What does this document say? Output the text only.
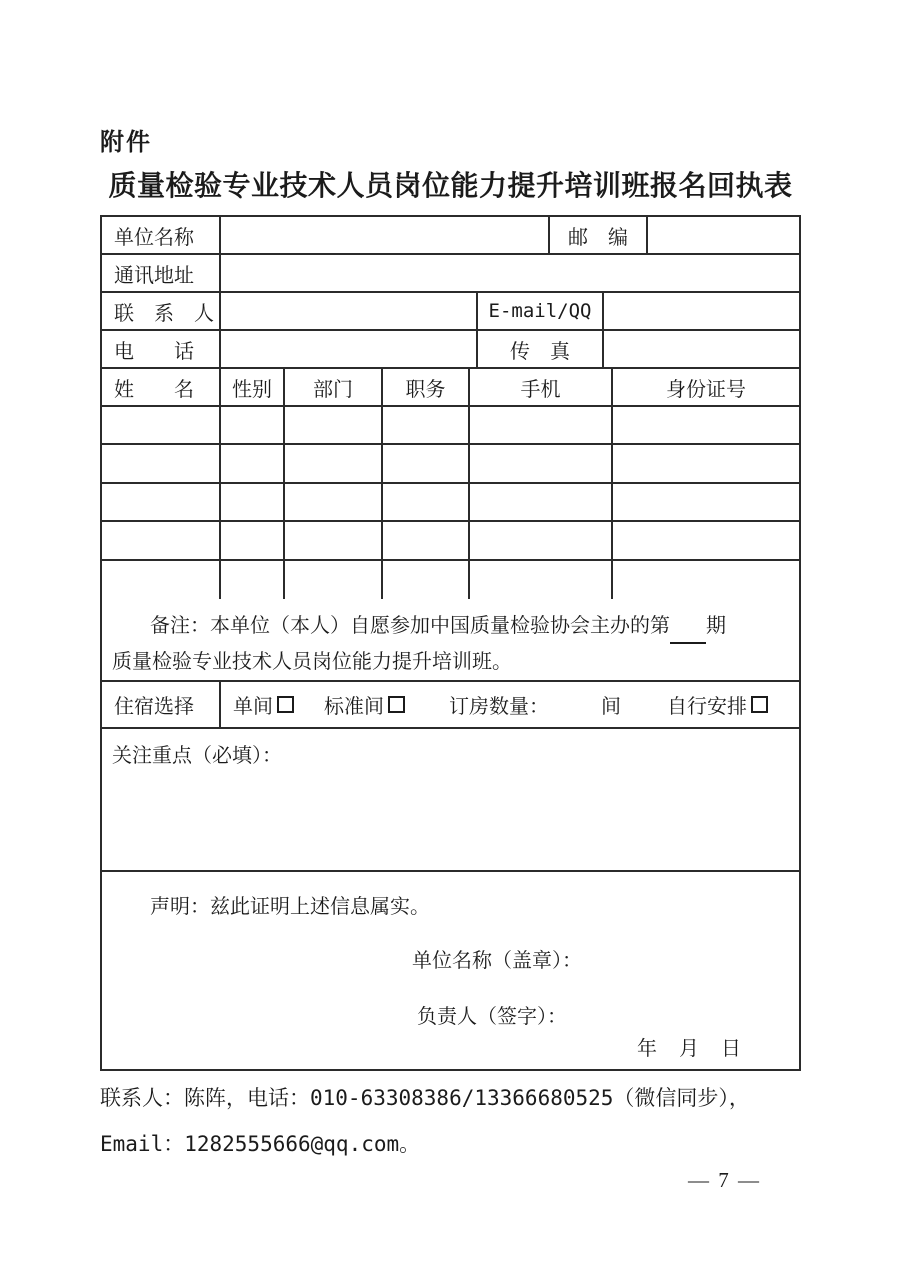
附件
质量检验专业技术人员岗位能力提升培训班报名回执表
单位名称	邮　编
通讯地址
联　系　人	E-mail/QQ
电　　话	传　真
姓　　名	性别	部门	职务	手机	身份证号
备注：本单位（本人）自愿参加中国质量检验协会主办的第 期
质量检验专业技术人员岗位能力提升培训班。
住宿选择	单间	标准间	订房数量：	间 自行安排
关注重点（必填）：
声明：兹此证明上述信息属实。
单位名称（盖章）：
负责人（签字）：
年　月　日
联系人：陈阵，电话：010-63308386/13366680525（微信同步），
Email：1282555666@qq.com。
— 7 —
